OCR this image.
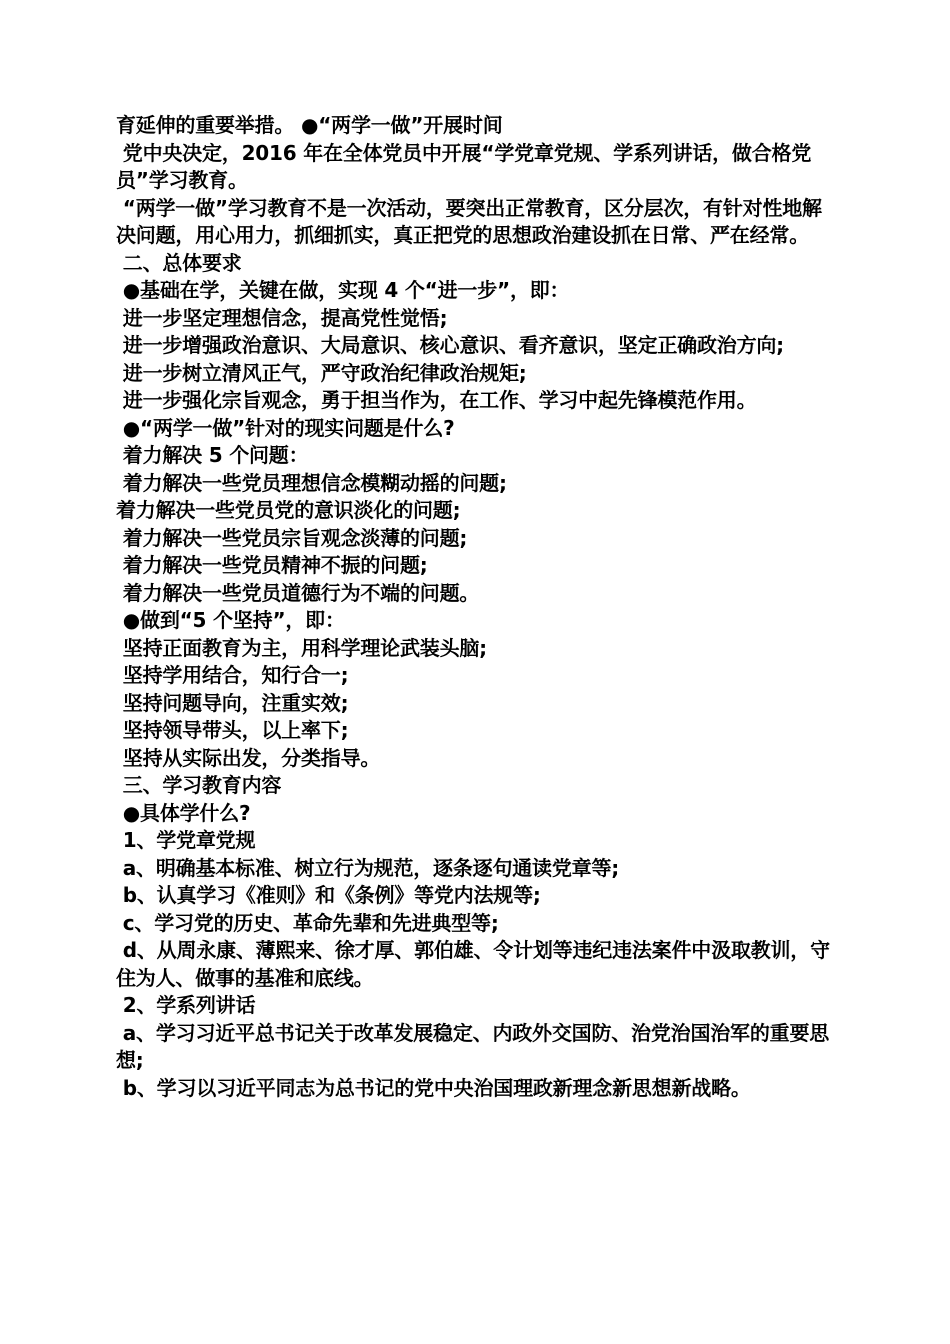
育延伸的重要举措。 ●“两学一做”开展时间
党中央决定，2016 年在全体党员中开展“学党章党规、学系列讲话，做合格党员”学习教育。
“两学一做”学习教育不是一次活动，要突出正常教育，区分层次，有针对性地解决问题，用心用力，抓细抓实，真正把党的思想政治建设抓在日常、严在经常。
二、总体要求
●基础在学，关键在做，实现 4 个“进一步”，即：
进一步坚定理想信念，提高党性觉悟;
进一步增强政治意识、大局意识、核心意识、看齐意识，坚定正确政治方向;
进一步树立清风正气，严守政治纪律政治规矩;
进一步强化宗旨观念，勇于担当作为，在工作、学习中起先锋模范作用。
●“两学一做”针对的现实问题是什么?
着力解决 5 个问题：
着力解决一些党员理想信念模糊动摇的问题;
着力解决一些党员党的意识淡化的问题;
着力解决一些党员宗旨观念淡薄的问题;
着力解决一些党员精神不振的问题;
着力解决一些党员道德行为不端的问题。
●做到“5 个坚持”，即：
坚持正面教育为主，用科学理论武装头脑;
坚持学用结合，知行合一;
坚持问题导向，注重实效;
坚持领导带头，以上率下;
坚持从实际出发，分类指导。
三、学习教育内容
●具体学什么?
1、学党章党规
a、明确基本标准、树立行为规范，逐条逐句通读党章等;
b、认真学习《准则》和《条例》等党内法规等;
c、学习党的历史、革命先辈和先进典型等;
d、从周永康、薄熙来、徐才厚、郭伯雄、令计划等违纪违法案件中汲取教训，守住为人、做事的基准和底线。
2、学系列讲话
a、学习习近平总书记关于改革发展稳定、内政外交国防、治党治国治军的重要思想;
b、学习以习近平同志为总书记的党中央治国理政新理念新思想新战略。
